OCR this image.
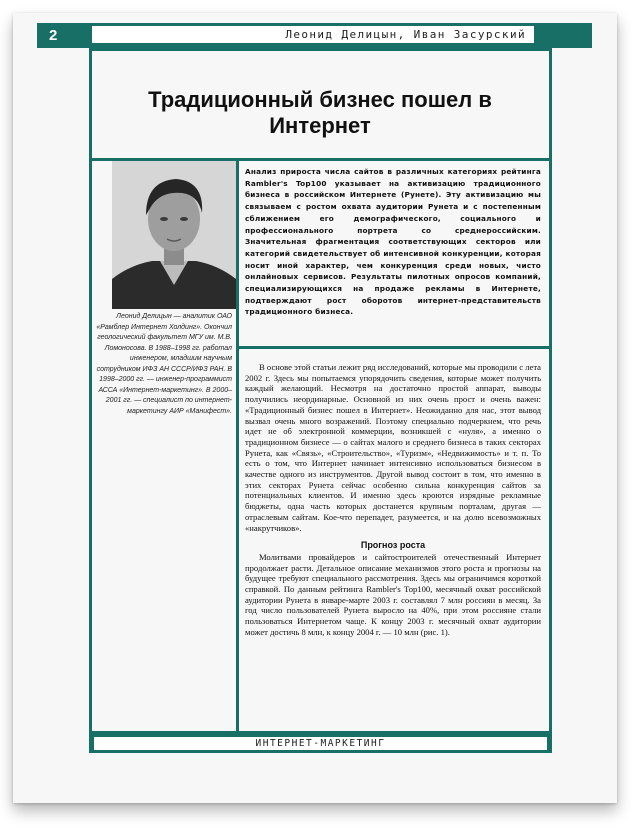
2	Леонид Делицын, Иван Засурский
Традиционный бизнес пошел в Интернет
Леонид Делицын — аналитик ОАО «Рамблер Интернет Холдинг». Окончил геологический факультет МГУ им. М.В. Ломоносова. В 1988–1998 гг. работал инженером, младшим научным сотрудником ИФЗ АН СССР/ИФЗ РАН. В 1998–2000 гг. — инженер-программист АССА «Интернет-маркетинг». В 2000–2001 гг. — специалист по интернет-маркетингу АИР «Манифест».
Анализ прироста числа сайтов в различных категориях рейтинга Rambler's Top100 указывает на активизацию традиционного бизнеса в российском Интернете (Рунете). Эту активизацию мы связываем с ростом охвата аудитории Рунета и с постепенным сближением его демографического, социального и профессионального портрета со среднероссийским. Значительная фрагментация соответствующих секторов или категорий свидетельствует об интенсивной конкуренции, которая носит иной характер, чем конкуренция среди новых, чисто онлайновых сервисов. Результаты пилотных опросов компаний, специализирующихся на продаже рекламы в Интернете, подтверждают рост оборотов интернет-представительств традиционного бизнеса.

В основе этой статьи лежит ряд исследований, которые мы проводили с лета 2002 г. Здесь мы попытаемся упорядочить сведения, которые может получить каждый желающий. Несмотря на достаточно простой аппарат, выводы получились неординарные. Основной из них очень прост и очень важен: «Традиционный бизнес пошел в Интернет». Неожиданно для нас, этот вывод вызвал очень много возражений. Поэтому специально подчеркнем, что речь идет не об электронной коммерции, возникшей с «нуля», а именно о традиционном бизнесе — о сайтах малого и среднего бизнеса в таких секторах Рунета, как «Связь», «Строительство», «Туризм», «Недвижимость» и т. п. То есть о том, что Интернет начинает интенсивно использоваться бизнесом в качестве одного из инструментов. Другой вывод состоит в том, что именно в этих секторах Рунета сейчас особенно сильна конкуренция сайтов за потенциальных клиентов. И именно здесь кроются изрядные рекламные бюджеты, одна часть которых достанется крупным порталам, другая — отраслевым сайтам. Кое-что перепадет, разумеется, и на долю всевозможных «накрутчиков».

Прогноз роста

Молитвами провайдеров и сайтостроителей отечественный Интернет продолжает расти. Детальное описание механизмов этого роста и прогнозы на будущее требуют специального рассмотрения. Здесь мы ограничимся короткой справкой. По данным рейтинга Rambler's Top100, месячный охват российской аудитории Рунета в январе-марте 2003 г. составлял 7 млн россиян в месяц. За год число пользователей Рунета выросло на 40%, при этом россияне стали пользоваться Интернетом чаще. К концу 2003 г. месячный охват аудитории может достичь 8 млн, к концу 2004 г. — 10 млн (рис. 1).

ИНТЕРНЕТ-МАРКЕТИНГ
